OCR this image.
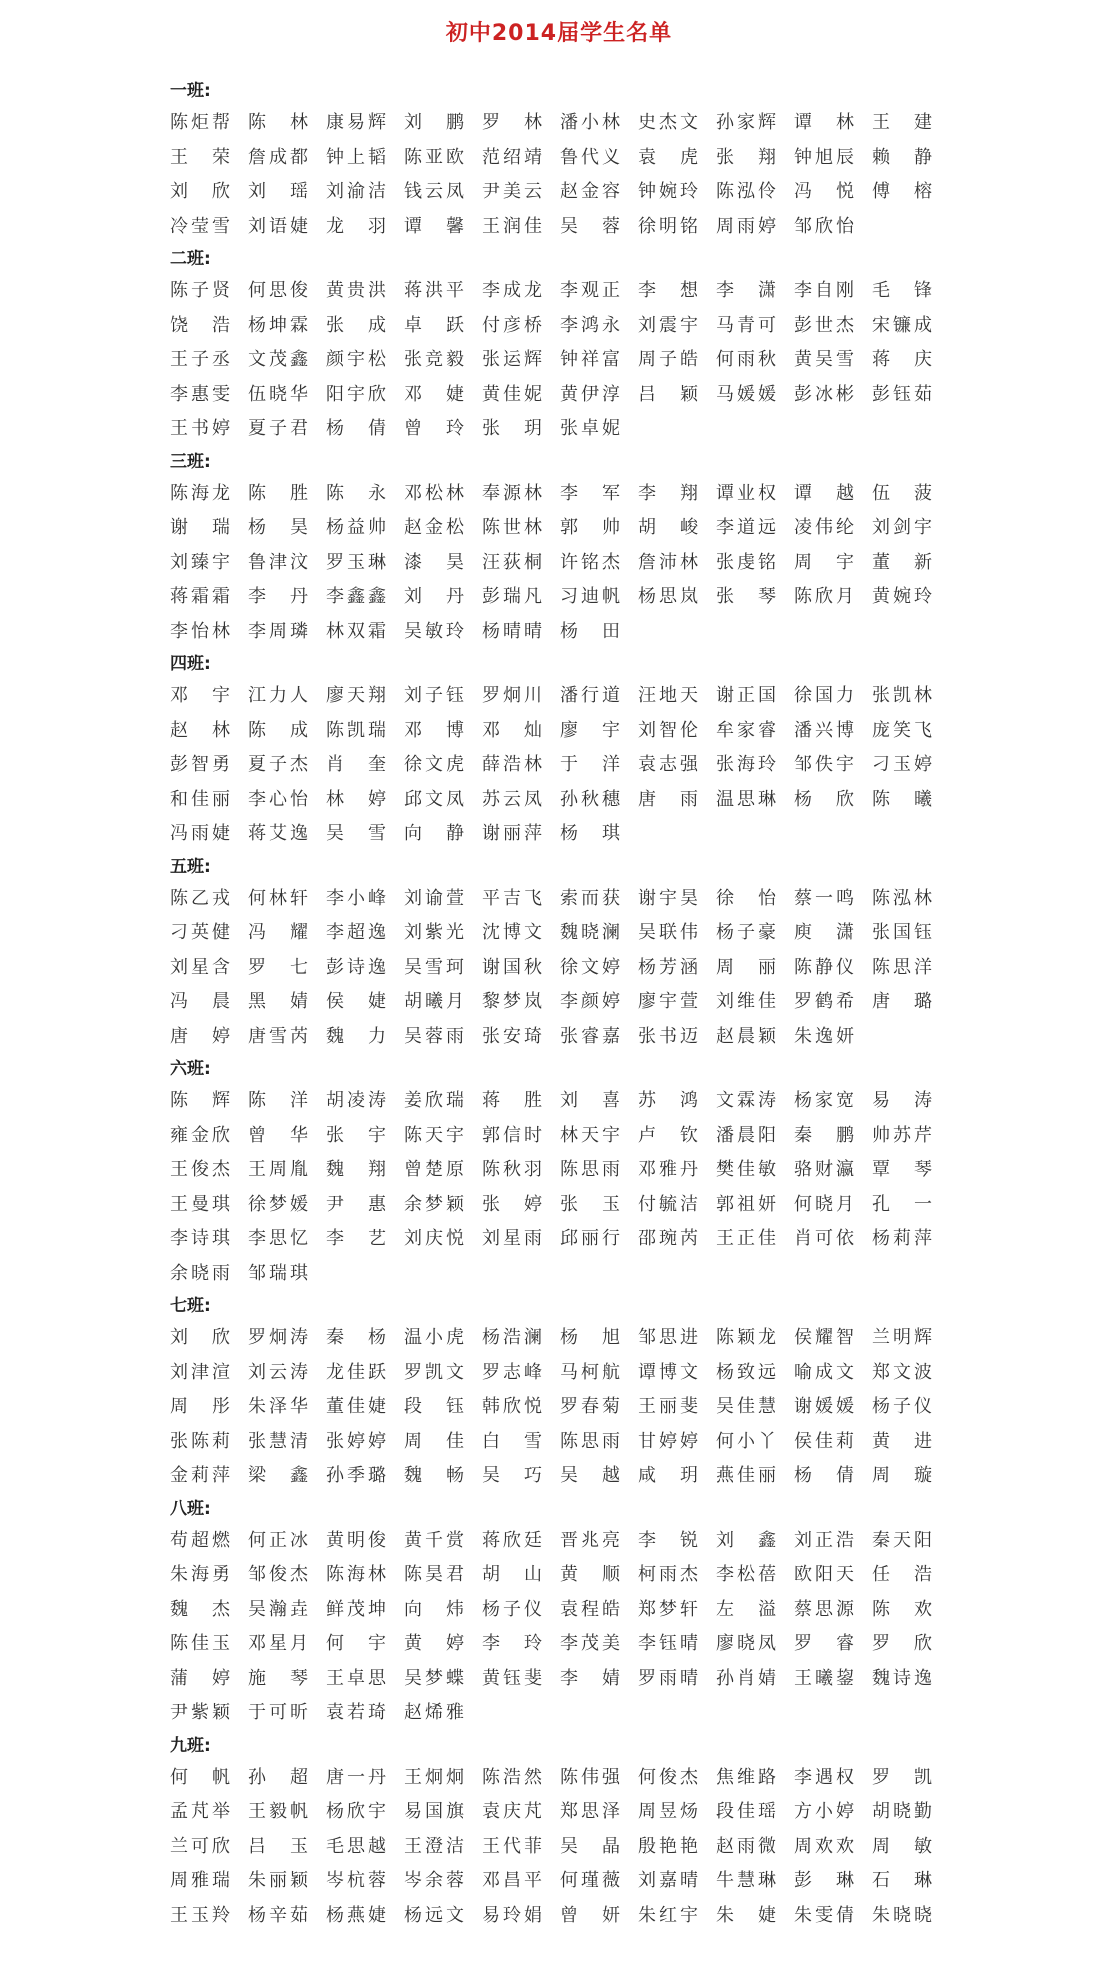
初中2014届学生名单
一班:
陈炬帮 陈 林 康易辉 刘 鹏 罗 林 潘小林 史杰文 孙家辉 谭 林 王 建
王 荣 詹成都 钟上韬 陈亚欧 范绍靖 鲁代义 袁 虎 张 翔 钟旭辰 赖 静
刘 欣 刘 瑶 刘渝洁 钱云凤 尹美云 赵金容 钟婉玲 陈泓伶 冯 悦 傅 榕
冷莹雪 刘语婕 龙 羽 谭 馨 王润佳 吴 蓉 徐明铭 周雨婷 邹欣怡
二班:
陈子贤 何思俊 黄贵洪 蒋洪平 李成龙 李观正 李 想 李 潇 李自刚 毛 锋
饶 浩 杨坤霖 张 成 卓 跃 付彦桥 李鸿永 刘震宇 马青可 彭世杰 宋镰成
王子丞 文茂鑫 颜宇松 张竞毅 张运辉 钟祥富 周子皓 何雨秋 黄吴雪 蒋 庆
李惠雯 伍晓华 阳宇欣 邓 婕 黄佳妮 黄伊淳 吕 颖 马媛媛 彭冰彬 彭钰茹
王书婷 夏子君 杨 倩 曾 玲 张 玥 张卓妮
三班:
陈海龙 陈 胜 陈 永 邓松林 奉源林 李 军 李 翔 谭业权 谭 越 伍 菠
谢 瑞 杨 昊 杨益帅 赵金松 陈世林 郭 帅 胡 峻 李道远 凌伟纶 刘剑宇
刘臻宇 鲁津汶 罗玉琳 漆 昊 汪荻桐 许铭杰 詹沛林 张虔铭 周 宇 董 新
蒋霜霜 李 丹 李鑫鑫 刘 丹 彭瑞凡 习迪帆 杨思岚 张 琴 陈欣月 黄婉玲
李怡林 李周璘 林双霜 吴敏玲 杨晴晴 杨 田
四班:
邓 宇 江力人 廖天翔 刘子钰 罗炯川 潘行道 汪地天 谢正国 徐国力 张凯林
赵 林 陈 成 陈凯瑞 邓 博 邓 灿 廖 宇 刘智伦 牟家睿 潘兴博 庞笑飞
彭智勇 夏子杰 肖 奎 徐文虎 薛浩林 于 洋 袁志强 张海玲 邹佚宇 刁玉婷
和佳丽 李心怡 林 婷 邱文凤 苏云凤 孙秋穗 唐 雨 温思琳 杨 欣 陈 曦
冯雨婕 蒋艾逸 吴 雪 向 静 谢丽萍 杨 琪
五班:
陈乙戎 何林轩 李小峰 刘谕萱 平吉飞 索而获 谢宇昊 徐 怡 蔡一鸣 陈泓林
刁英健 冯 耀 李超逸 刘紫光 沈博文 魏晓澜 吴联伟 杨子豪 庾 潇 张国钰
刘星含 罗 七 彭诗逸 吴雪珂 谢国秋 徐文婷 杨芳涵 周 丽 陈静仪 陈思洋
冯 晨 黑 婧 侯 婕 胡曦月 黎梦岚 李颜婷 廖宇萱 刘维佳 罗鹤希 唐 璐
唐 婷 唐雪芮 魏 力 吴蓉雨 张安琦 张睿嘉 张书迈 赵晨颖 朱逸妍
六班:
陈 辉 陈 洋 胡凌涛 姜欣瑞 蒋 胜 刘 喜 苏 鸿 文霖涛 杨家宽 易 涛
雍金欣 曾 华 张 宇 陈天宇 郭信时 林天宇 卢 钦 潘晨阳 秦 鹏 帅苏芹
王俊杰 王周胤 魏 翔 曾楚原 陈秋羽 陈思雨 邓雅丹 樊佳敏 骆财瀛 覃 琴
王曼琪 徐梦媛 尹 惠 余梦颖 张 婷 张 玉 付毓洁 郭祖妍 何晓月 孔 一
李诗琪 李思忆 李 艺 刘庆悦 刘星雨 邱丽行 邵琬芮 王正佳 肖可依 杨莉萍
余晓雨 邹瑞琪
七班:
刘 欣 罗炯涛 秦 杨 温小虎 杨浩澜 杨 旭 邹思进 陈颖龙 侯耀智 兰明辉
刘津渲 刘云涛 龙佳跃 罗凯文 罗志峰 马柯航 谭博文 杨致远 喻成文 郑文波
周 彤 朱泽华 董佳婕 段 钰 韩欣悦 罗春菊 王丽斐 吴佳慧 谢媛媛 杨子仪
张陈莉 张慧清 张婷婷 周 佳 白 雪 陈思雨 甘婷婷 何小丫 侯佳莉 黄 进
金莉萍 梁 鑫 孙季璐 魏 畅 吴 巧 吴 越 咸 玥 燕佳丽 杨 倩 周 璇
八班:
苟超燃 何正冰 黄明俊 黄千赏 蒋欣廷 晋兆亮 李 锐 刘 鑫 刘正浩 秦天阳
朱海勇 邹俊杰 陈海林 陈昊君 胡 山 黄 顺 柯雨杰 李松蓓 欧阳天 任 浩
魏 杰 吴瀚垚 鲜茂坤 向 炜 杨子仪 袁程皓 郑梦轩 左 溢 蔡思源 陈 欢
陈佳玉 邓星月 何 宇 黄 婷 李 玲 李茂美 李钰晴 廖晓凤 罗 睿 罗 欣
蒲 婷 施 琴 王卓思 吴梦蝶 黄钰斐 李 婧 罗雨晴 孙肖婧 王曦鋆 魏诗逸
尹紫颖 于可昕 袁若琦 赵烯雅
九班:
何 帆 孙 超 唐一丹 王炯炯 陈浩然 陈伟强 何俊杰 焦维路 李遇权 罗 凯
孟芃举 王毅帆 杨欣宇 易国旗 袁庆芃 郑思泽 周昱炀 段佳瑶 方小婷 胡晓勤
兰可欣 吕 玉 毛思越 王澄洁 王代菲 吴 晶 殷艳艳 赵雨微 周欢欢 周 敏
周雅瑞 朱丽颖 岑杭蓉 岑余蓉 邓昌平 何瑾薇 刘嘉晴 牛慧琳 彭 琳 石 琳
王玉羚 杨辛茹 杨燕婕 杨远文 易玲娟 曾 妍 朱红宇 朱 婕 朱雯倩 朱晓晓
